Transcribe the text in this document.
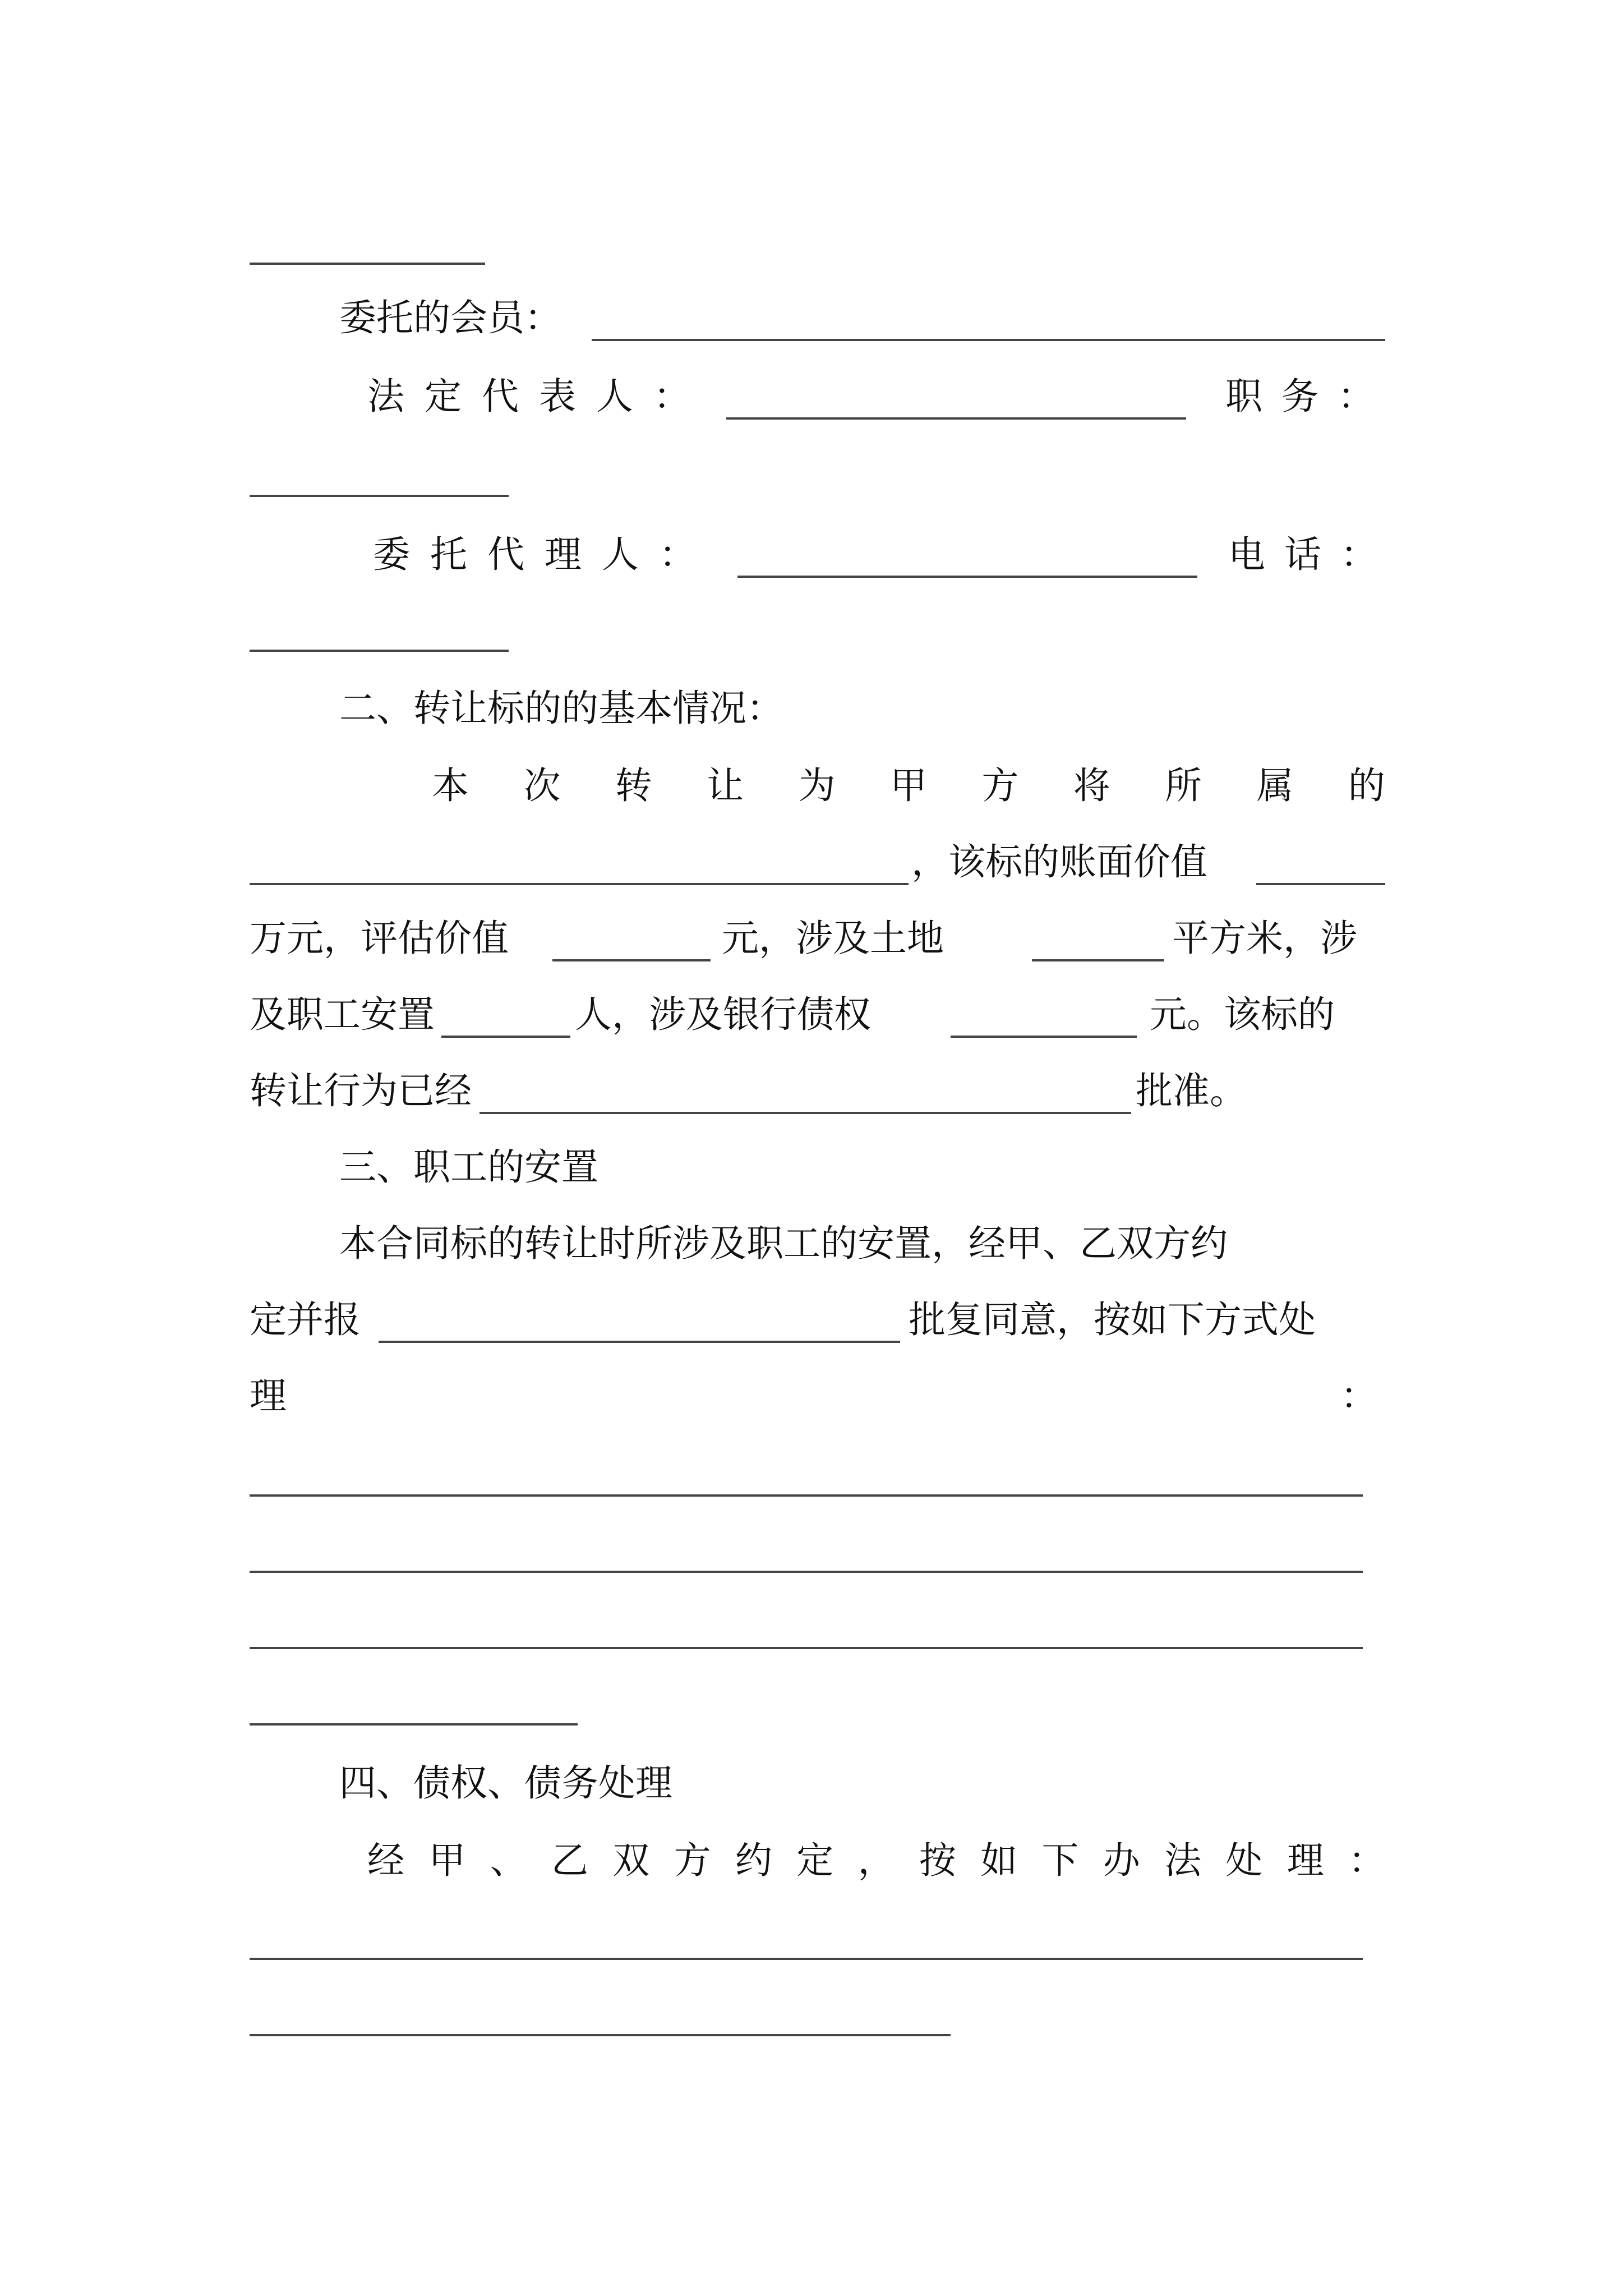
委托的会员：
法定代表人：	职务：
委托代理人：	电话：
二、转让标的的基本情况：
本 次 转 让 为 甲 方 将 所 属 的
，该标的账面价值
万元，评估价值	元，涉及土地	平方米，涉
及职工安置	人，涉及银行债权	元。该标的
转让行为已经	批准。
三、职工的安置
本合同标的转让时所涉及职工的安置，经甲、乙双方约
定并报	批复同意，按如下方式处
理	：
四、债权、债务处理
经 甲 、 乙 双 方 约 定 ， 按 如 下 办 法 处 理 ：
